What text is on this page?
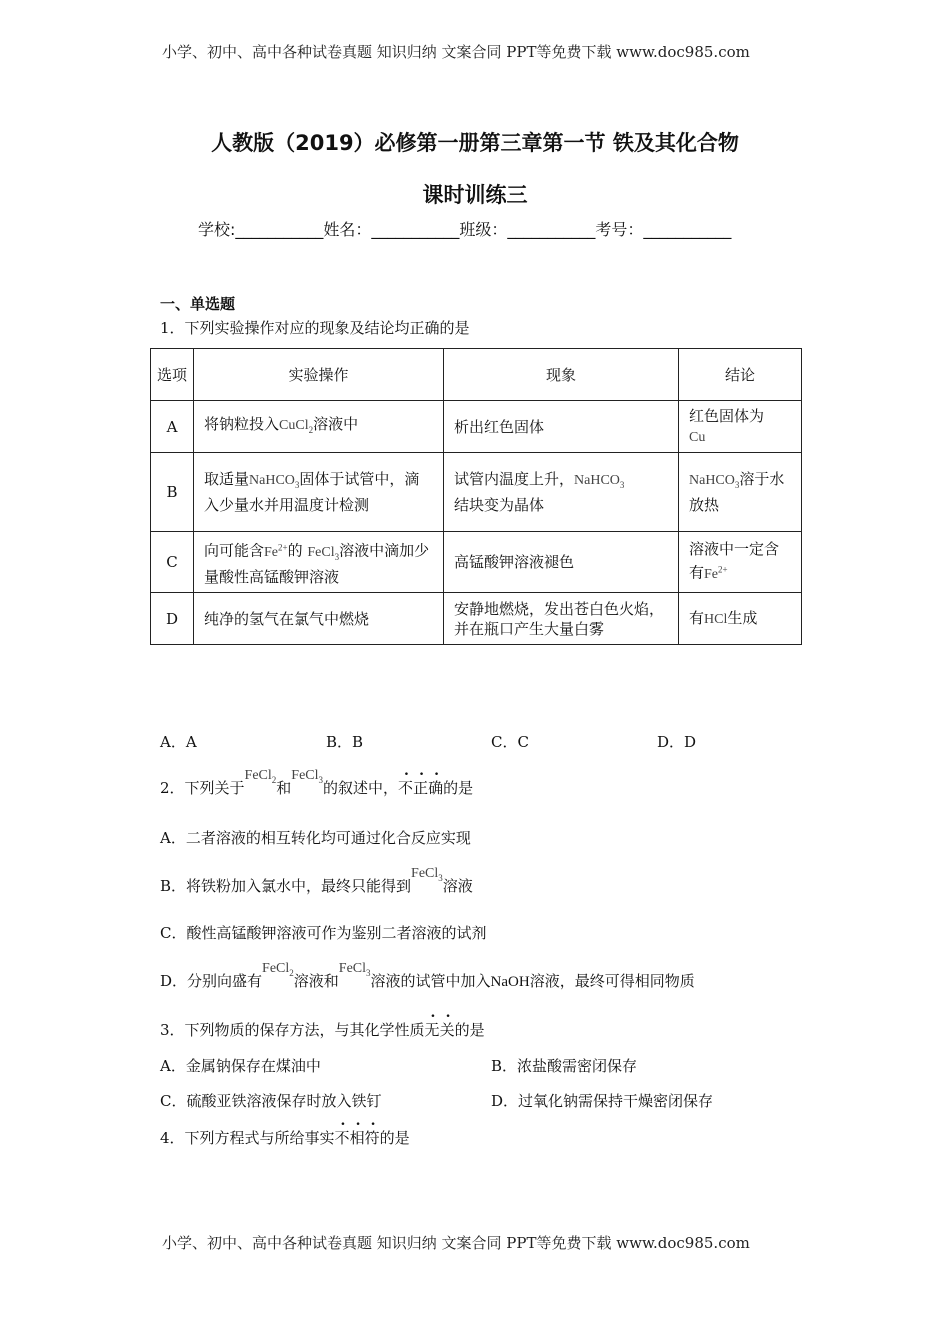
小学、初中、高中各种试卷真题 知识归纳 文案合同 PPT等免费下载 www.doc985.com
人教版（2019）必修第一册第三章第一节 铁及其化合物
课时训练三
学校:___________姓名：___________班级：___________考号：___________
一、单选题
1．下列实验操作对应的现象及结论均正确的是
选项	实验操作	现象	结论
A	将钠粒投入CuCl$_2$溶液中	析出红色固体	红色固体为
Cu
B	取适量NaHCO$_3$固体于试管中，滴入少量水并用温度计检测	试管内温度上升，NaHCO$_3$
结块变为晶体	NaHCO$_3$溶于水放热
C	向可能含$Fe^{2+}$的 FeCl$_3$溶液中滴加少量酸性高锰酸钾溶液	高锰酸钾溶液褪色	溶液中一定含有$Fe^{2+}$
D	纯净的氢气在氯气中燃烧	安静地燃烧，发出苍白色火焰，并在瓶口产生大量白雾	有HCl生成
A．A	B．B	C．C	D．D
2．下列关于FeCl$_2$和FeCl$_3$的叙述中，不正确的是
A．二者溶液的相互转化均可通过化合反应实现
B．将铁粉加入氯水中，最终只能得到FeCl$_3$溶液
C．酸性高锰酸钾溶液可作为鉴别二者溶液的试剂
D．分别向盛有FeCl$_2$溶液和FeCl$_3$溶液的试管中加入NaOH溶液，最终可得相同物质
3．下列物质的保存方法，与其化学性质无关的是
A．金属钠保存在煤油中	B．浓盐酸需密闭保存
C．硫酸亚铁溶液保存时放入铁钉	D．过氧化钠需保持干燥密闭保存
4．下列方程式与所给事实不相符的是
小学、初中、高中各种试卷真题 知识归纳 文案合同 PPT等免费下载 www.doc985.com
